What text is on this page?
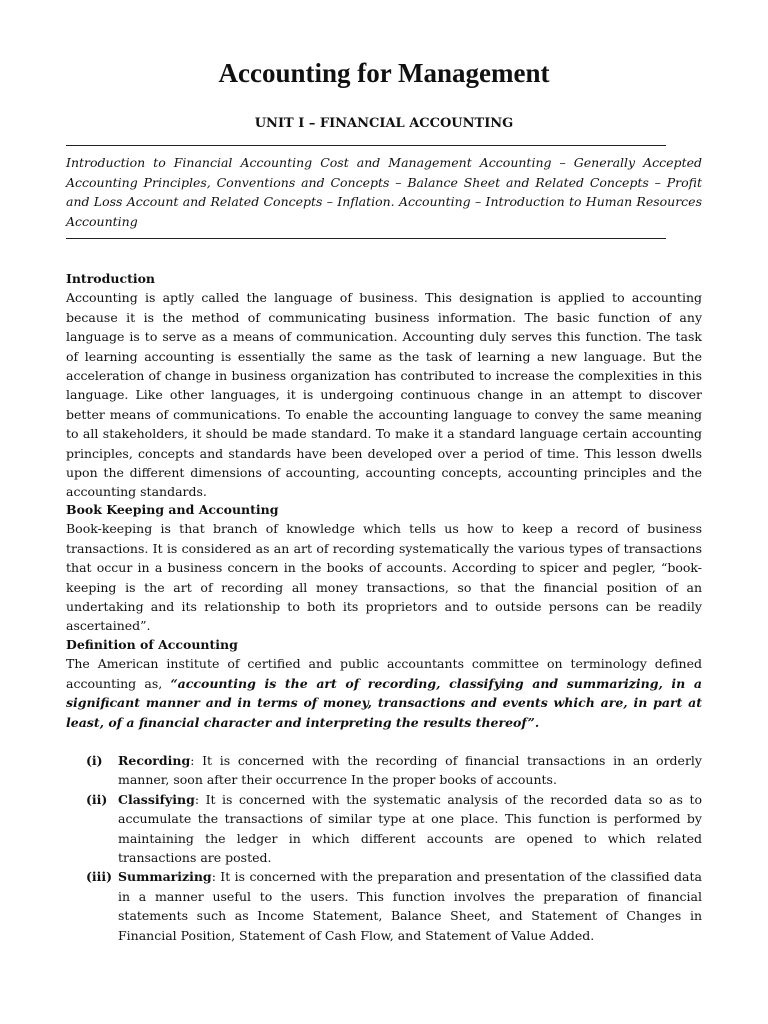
Accounting for Management
UNIT I – FINANCIAL ACCOUNTING

Introduction to Financial Accounting Cost and Management Accounting – Generally Accepted Accounting Principles, Conventions and Concepts – Balance Sheet and Related Concepts – Profit and Loss Account and Related Concepts – Inflation. Accounting – Introduction to Human Resources Accounting

Introduction

Accounting is aptly called the language of business. This designation is applied to accounting because it is the method of communicating business information. The basic function of any language is to serve as a means of communication. Accounting duly serves this function. The task of learning accounting is essentially the same as the task of learning a new language. But the acceleration of change in business organization has contributed to increase the complexities in this language. Like other languages, it is undergoing continuous change in an attempt to discover better means of communications. To enable the accounting language to convey the same meaning to all stakeholders, it should be made standard. To make it a standard language certain accounting principles, concepts and standards have been developed over a period of time. This lesson dwells upon the different dimensions of accounting, accounting concepts, accounting principles and the accounting standards.

Book Keeping and Accounting

Book-keeping is that branch of knowledge which tells us how to keep a record of business transactions. It is considered as an art of recording systematically the various types of transactions that occur in a business concern in the books of accounts. According to spicer and pegler, “book-keeping is the art of recording all money transactions, so that the financial position of an undertaking and its relationship to both its proprietors and to outside persons can be readily ascertained”.

Definition of Accounting

The American institute of certified and public accountants committee on terminology defined accounting as, “accounting is the art of recording, classifying and summarizing, in a significant manner and in terms of money, transactions and events which are, in part at least, of a financial character and interpreting the results thereof”.

(i) Recording: It is concerned with the recording of financial transactions in an orderly manner, soon after their occurrence In the proper books of accounts.
(ii) Classifying: It is concerned with the systematic analysis of the recorded data so as to accumulate the transactions of similar type at one place. This function is performed by maintaining the ledger in which different accounts are opened to which related transactions are posted.
(iii) Summarizing: It is concerned with the preparation and presentation of the classified data in a manner useful to the users. This function involves the preparation of financial statements such as Income Statement, Balance Sheet, and Statement of Changes in Financial Position, Statement of Cash Flow, and Statement of Value Added.
